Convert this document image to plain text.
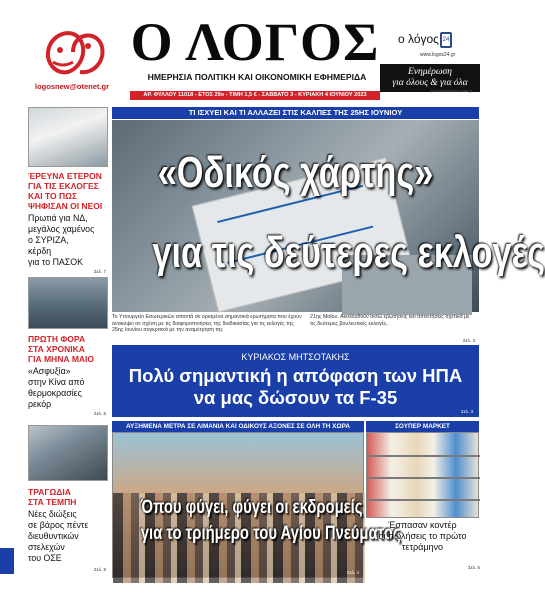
logosnew@otenet.gr
Ο ΛΟΓΟΣ
ΗΜΕΡΗΣΙΑ ΠΟΛΙΤΙΚΗ ΚΑΙ ΟΙΚΟΝΟΜΙΚΗ ΕΦΗΜΕΡΙΔΑ
ΑΡ. ΦΥΛΛΟΥ 11018 - ΕΤΟΣ 29ο - ΤΙΜΗ 1,5 € - ΣΑΒΒΑΤΟ 3 - ΚΥΡΙΑΚΗ 4 ΙΟΥΝΙΟΥ 2023
ο λόγος 24
www.logos24.gr
Ενημέρωση
για όλους & για όλα
protoselidaefimeridas.gr
ΈΡΕΥΝΑ ΕΤΕΡΟΝ
ΓΙΑ ΤΙΣ ΕΚΛΟΓΕΣ
ΚΑΙ ΤΟ ΠΩΣ
ΨΗΦΙΣΑΝ ΟΙ ΝΕΟΙ
Πρωτιά για ΝΔ,
μεγάλος χαμένος
ο ΣΥΡΙΖΑ,
κέρδη
για το ΠΑΣΟΚ
Σελ. 7
ΠΡΩΤΗ ΦΟΡΑ
ΣΤΑ ΧΡΟΝΙΚΑ
ΓΙΑ ΜΗΝΑ ΜΑΙΟ
«Ασφυξία»
στην Κίνα από
θερμοκρασίες
ρεκόρ
Σελ. 6
ΤΡΑΓΩΔΙΑ
ΣΤΑ ΤΕΜΠΗ
Νέες διώξεις
σε βάρος πέντε
διευθυντικών
στελεχών
του ΟΣΕ
Σελ. 8
ΤΙ ΙΣΧΥΕΙ ΚΑΙ ΤΙ ΑΛΛΑΖΕΙ ΣΤΙΣ ΚΑΛΠΕΣ ΤΗΣ 25ΗΣ ΙΟΥΝΙΟΥ
«Οδικός χάρτης»
για τις δεύτερες εκλογές
Το Υπουργείο Εσωτερικών απαντά σε ορισμένα σημαντικά ερωτήματα που έχουν ανακύψει σε σχέση με τις διαφοροποιήσεις της διαδικασίας για τις εκλογές της 25ης Ιουνίου συγκριτικά με την αναμέτρηση της
21ης Μαΐου. Ακολουθούν οκτώ ερωτήσεις και απαντήσεις σχετικά με τις δεύτερες βουλευτικές εκλογές.
Σελ. 3
ΚΥΡΙΑΚΟΣ ΜΗΤΣΟΤΑΚΗΣ
Πολύ σημαντική η απόφαση των ΗΠΑ
να μας δώσουν τα F-35
Σελ. 3
ΑΥΞΗΜΕΝΑ ΜΕΤΡΑ ΣΕ ΛΙΜΑΝΙΑ ΚΑΙ ΟΔΙΚΟΥΣ ΑΞΟΝΕΣ ΣΕ ΟΛΗ ΤΗ ΧΩΡΑ
Όπου φύγει, φύγει οι εκδρομείς
για το τριήμερο του Αγίου Πνεύματος
Σελ. 4
ΣΟΥΠΕΡ ΜΑΡΚΕΤ
Έσπασαν κοντέρ
οι πωλήσεις το πρώτο
τετράμηνο
Σελ. 5
